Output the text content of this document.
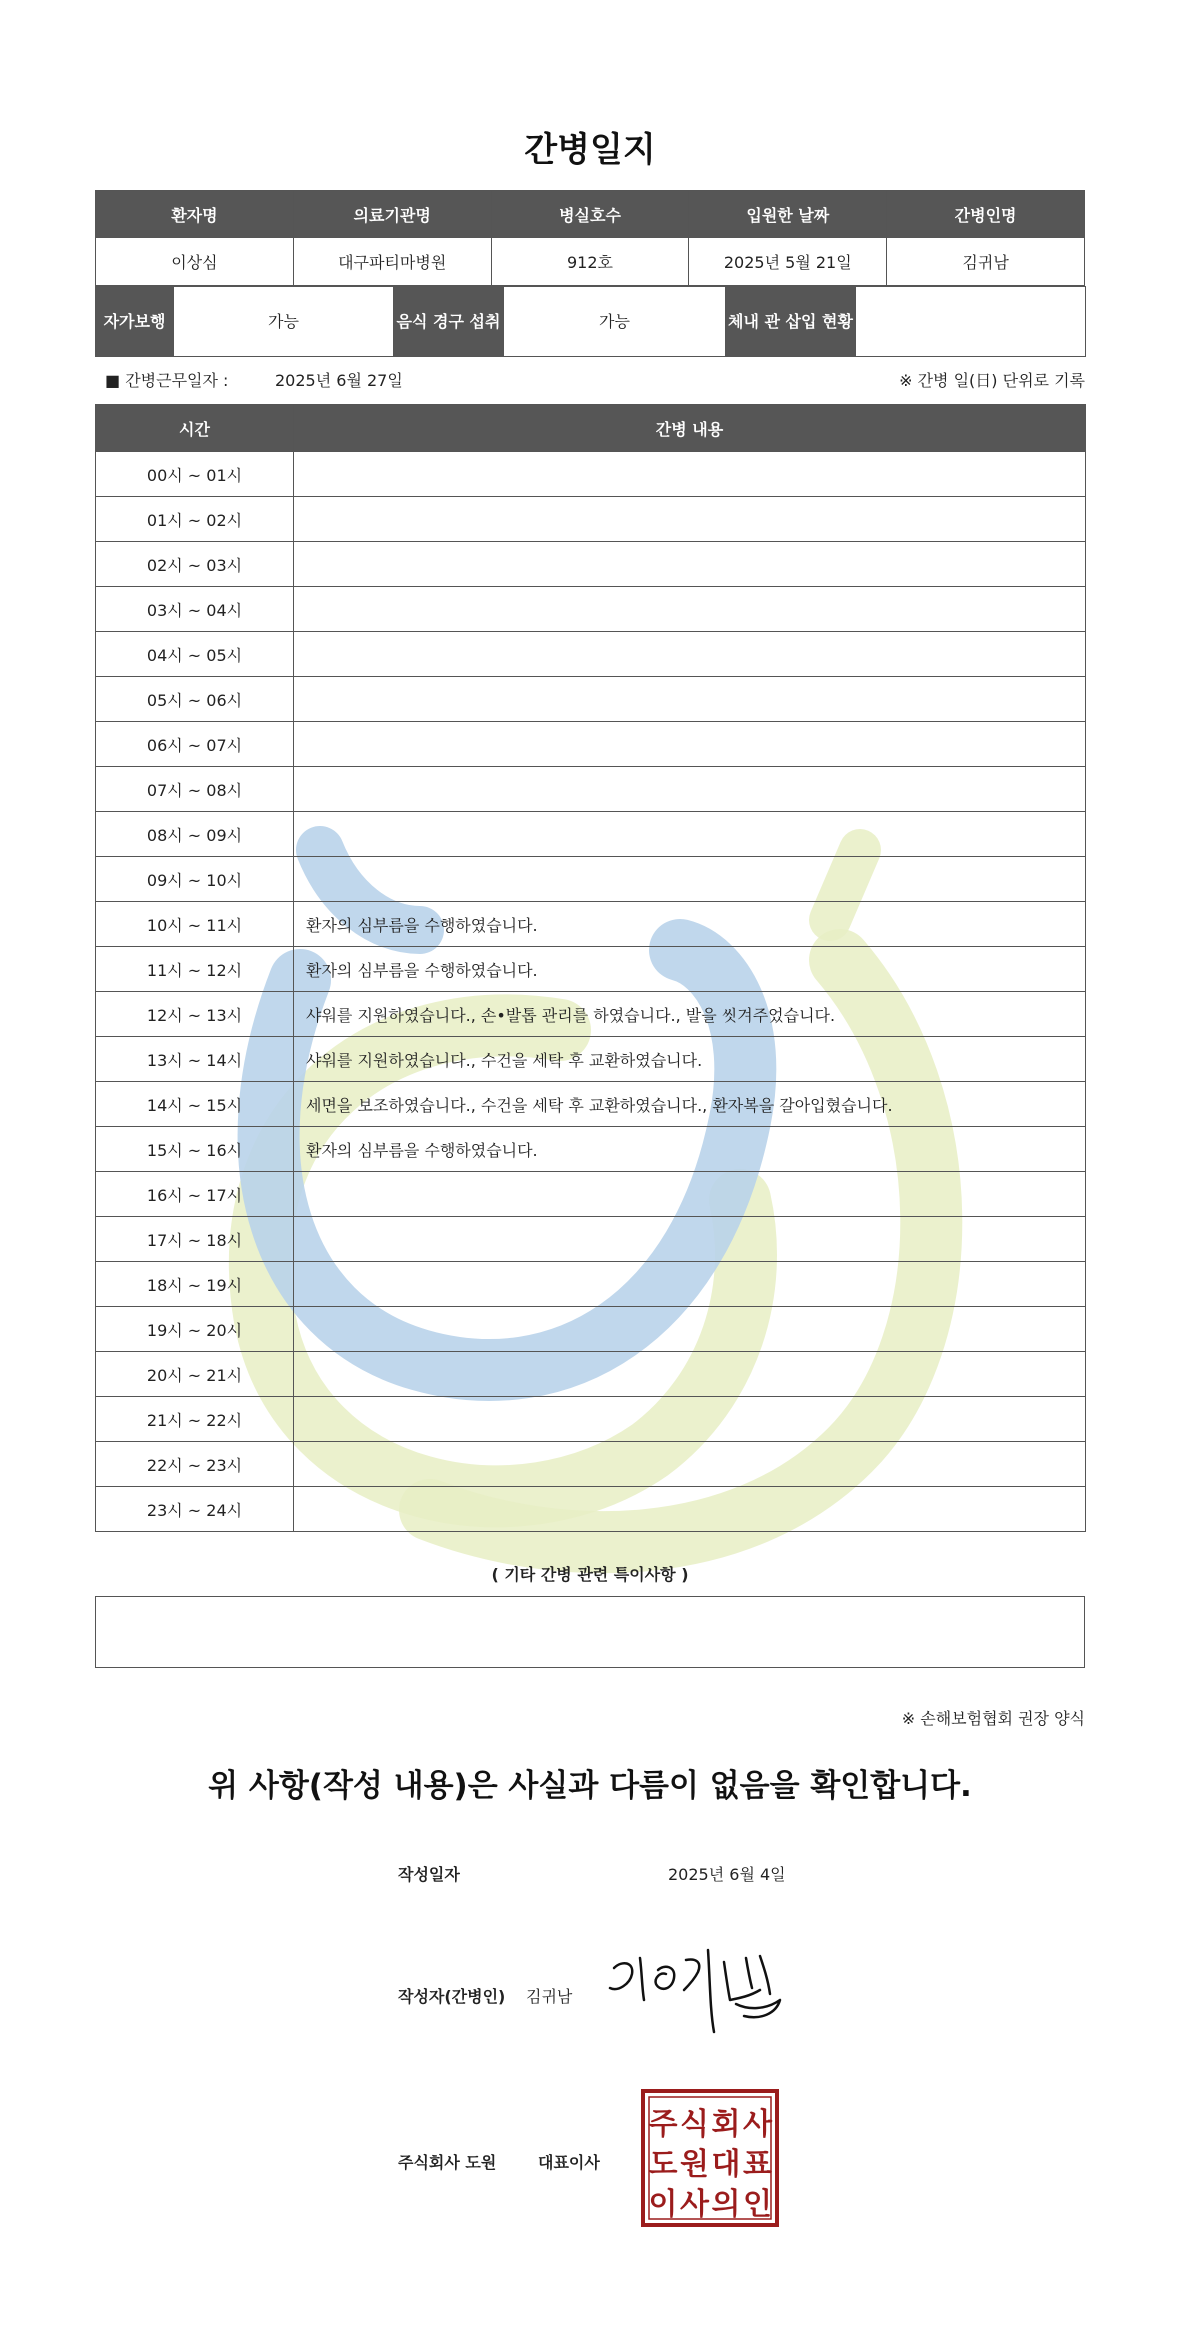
간병일지
환자명	의료기관명	병실호수	입원한 날짜	간병인명
이상심	대구파티마병원	912호	2025년 5월 21일	김귀남
자가보행	가능	음식 경구 섭취	가능	체내 관 삽입 현황	
■ 간병근무일자 :	2025년 6월 27일	※ 간병 일(日) 단위로 기록
시간	간병 내용
00시 ~ 01시	
01시 ~ 02시	
02시 ~ 03시	
03시 ~ 04시	
04시 ~ 05시	
05시 ~ 06시	
06시 ~ 07시	
07시 ~ 08시	
08시 ~ 09시	
09시 ~ 10시	
10시 ~ 11시	환자의 심부름을 수행하였습니다.
11시 ~ 12시	환자의 심부름을 수행하였습니다.
12시 ~ 13시	샤워를 지원하였습니다., 손•발톱 관리를 하였습니다., 발을 씻겨주었습니다.
13시 ~ 14시	샤워를 지원하였습니다., 수건을 세탁 후 교환하였습니다.
14시 ~ 15시	세면을 보조하였습니다., 수건을 세탁 후 교환하였습니다., 환자복을 갈아입혔습니다.
15시 ~ 16시	환자의 심부름을 수행하였습니다.
16시 ~ 17시	
17시 ~ 18시	
18시 ~ 19시	
19시 ~ 20시	
20시 ~ 21시	
21시 ~ 22시	
22시 ~ 23시	
23시 ~ 24시	
( 기타 간병 관련 특이사항 )
※ 손해보험협회 권장 양식
위 사항(작성 내용)은 사실과 다름이 없음을 확인합니다.
작성일자	2025년 6월 4일
작성자(간병인) 김귀남
주식회사 도원	대표이사
주 식 회 사
도 원 대 표
이 사 의 인
